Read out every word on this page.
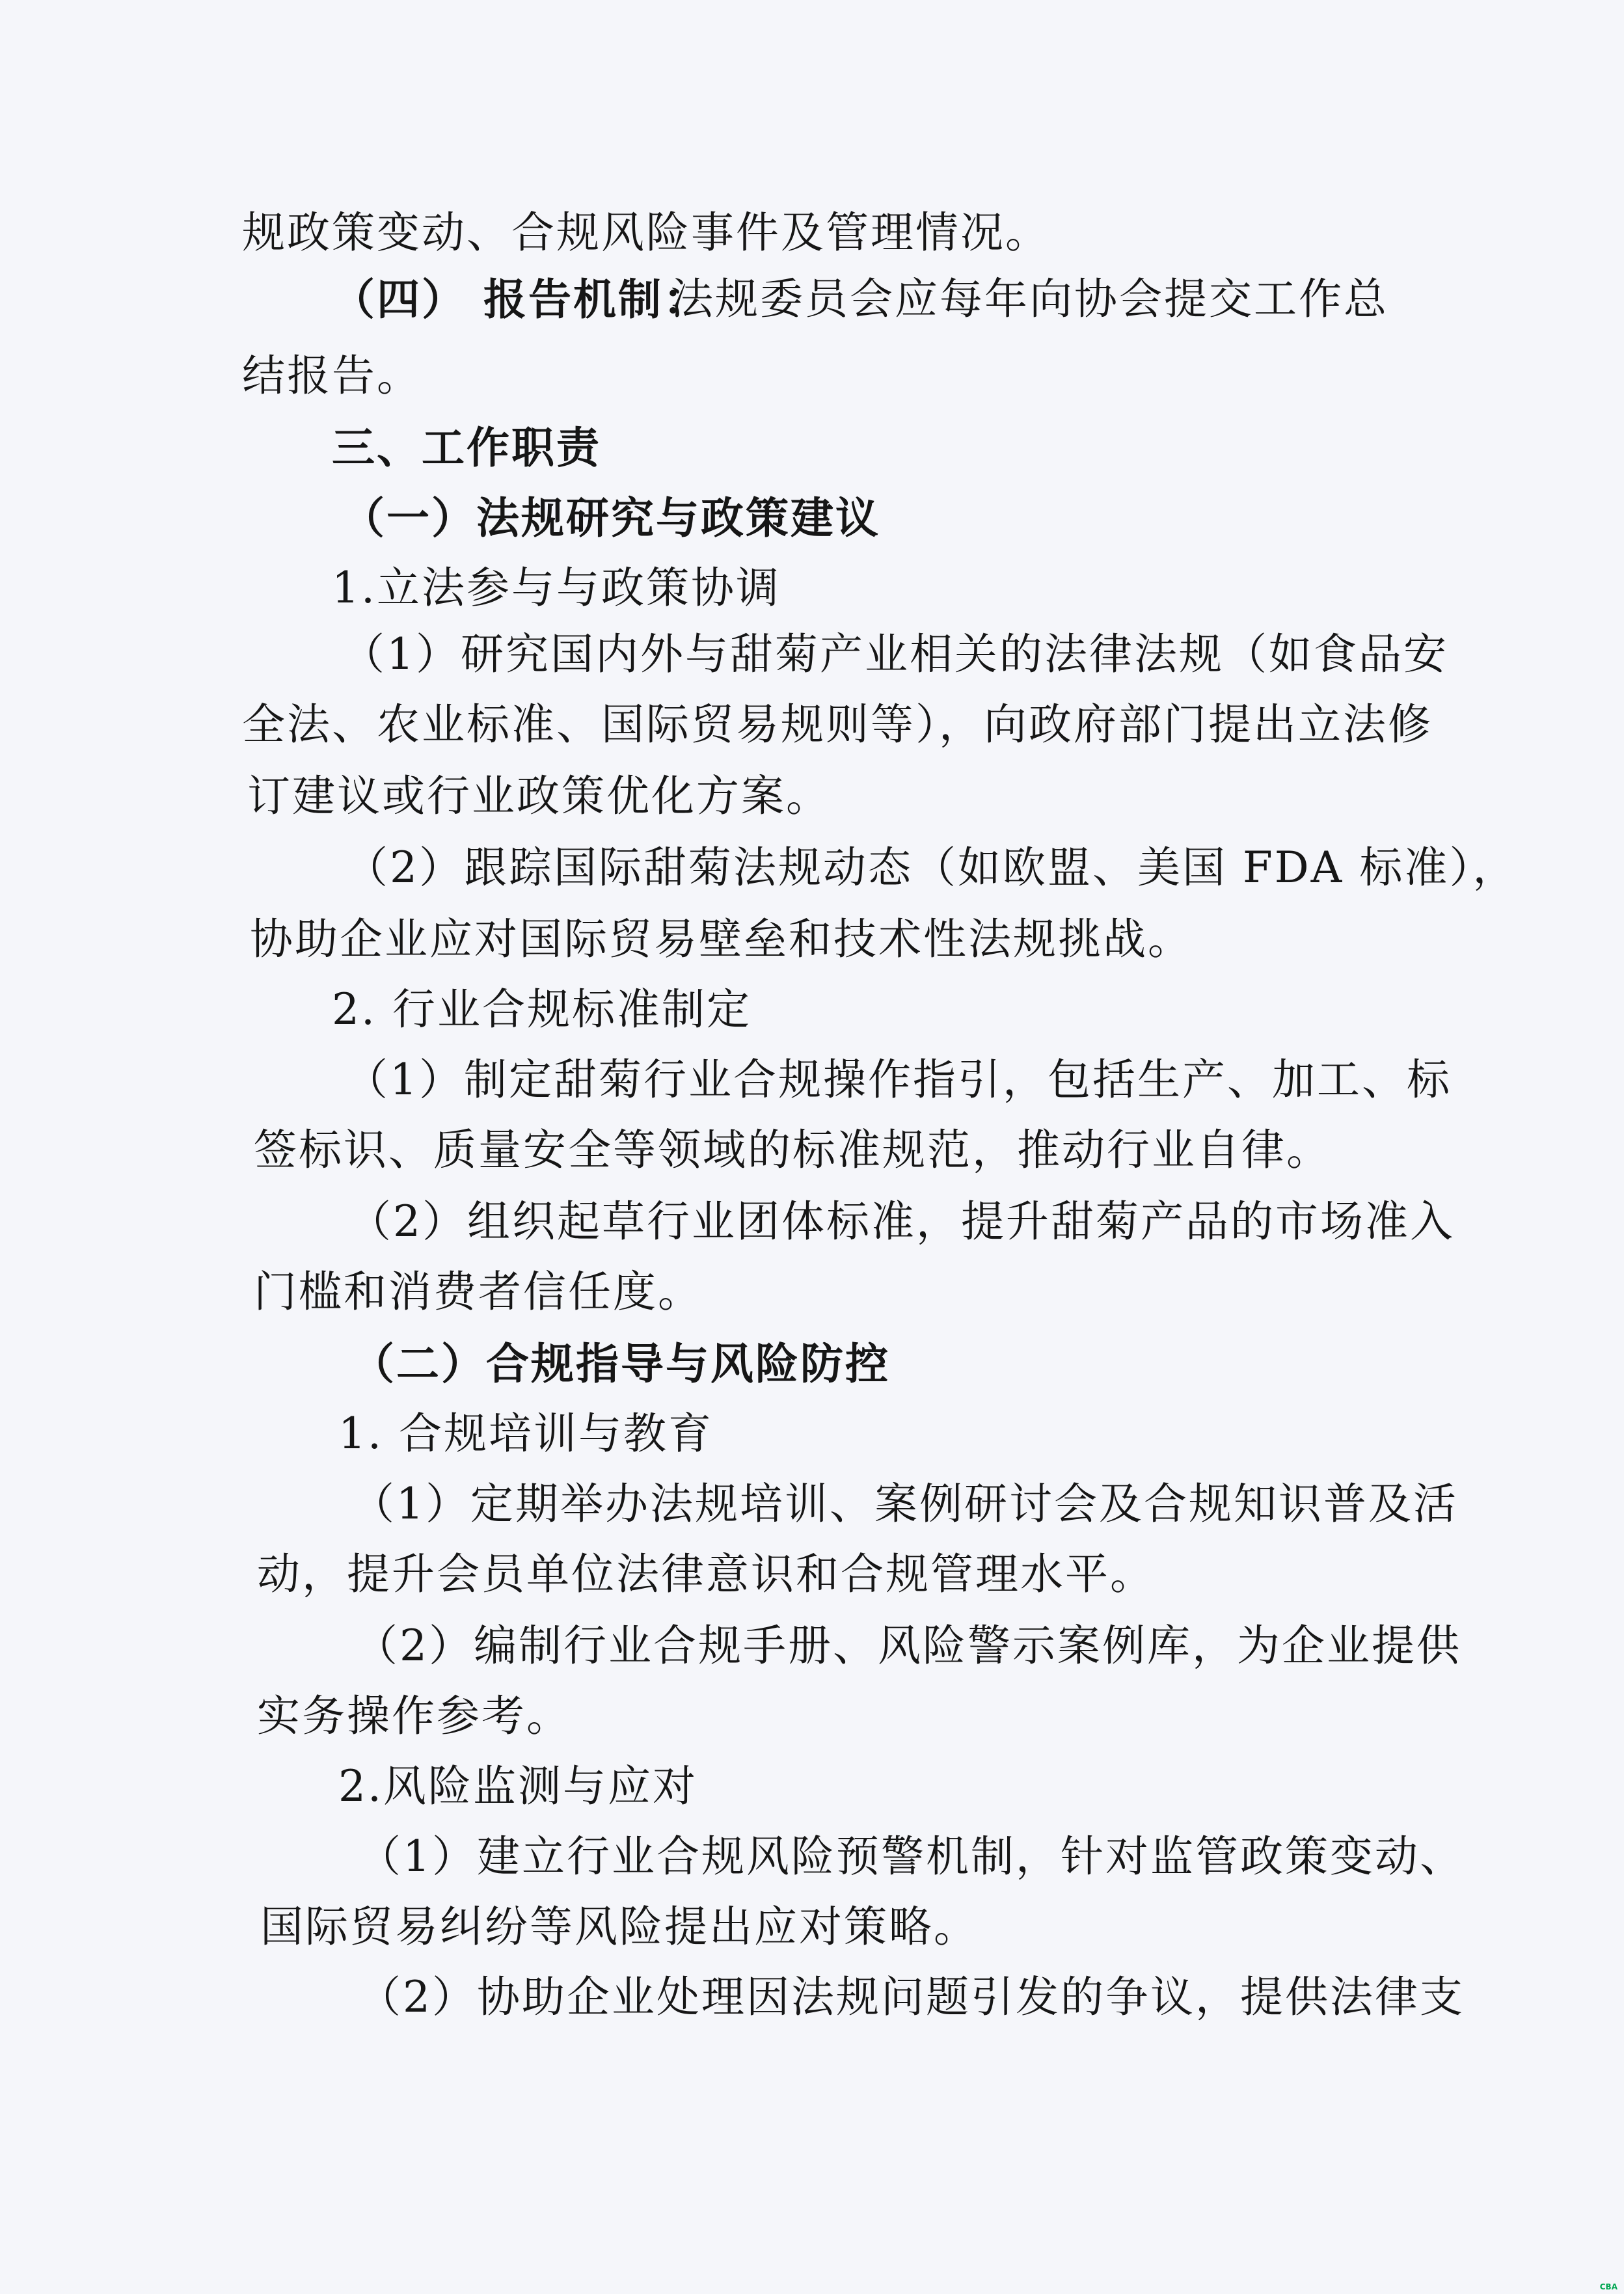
规政策变动、合规风险事件及管理情况。
（四） 报告机制：
法规委员会应每年向协会提交工作总
结报告。
三、工作职责
（一）法规研究与政策建议
1.立法参与与政策协调
（1）研究国内外与甜菊产业相关的法律法规（如食品安
全法、农业标准、国际贸易规则等），向政府部门提出立法修
订建议或行业政策优化方案。
（2）跟踪国际甜菊法规动态（如欧盟、美国 FDA 标准），
协助企业应对国际贸易壁垒和技术性法规挑战。
2. 行业合规标准制定
（1）制定甜菊行业合规操作指引，包括生产、加工、标
签标识、质量安全等领域的标准规范，推动行业自律。
（2）组织起草行业团体标准，提升甜菊产品的市场准入
门槛和消费者信任度。
（二）合规指导与风险防控
1. 合规培训与教育
（1）定期举办法规培训、案例研讨会及合规知识普及活
动，提升会员单位法律意识和合规管理水平。
（2）编制行业合规手册、风险警示案例库，为企业提供
实务操作参考。
2.风险监测与应对
（1）建立行业合规风险预警机制，针对监管政策变动、
国际贸易纠纷等风险提出应对策略。
（2）协助企业处理因法规问题引发的争议，提供法律支
CBA
